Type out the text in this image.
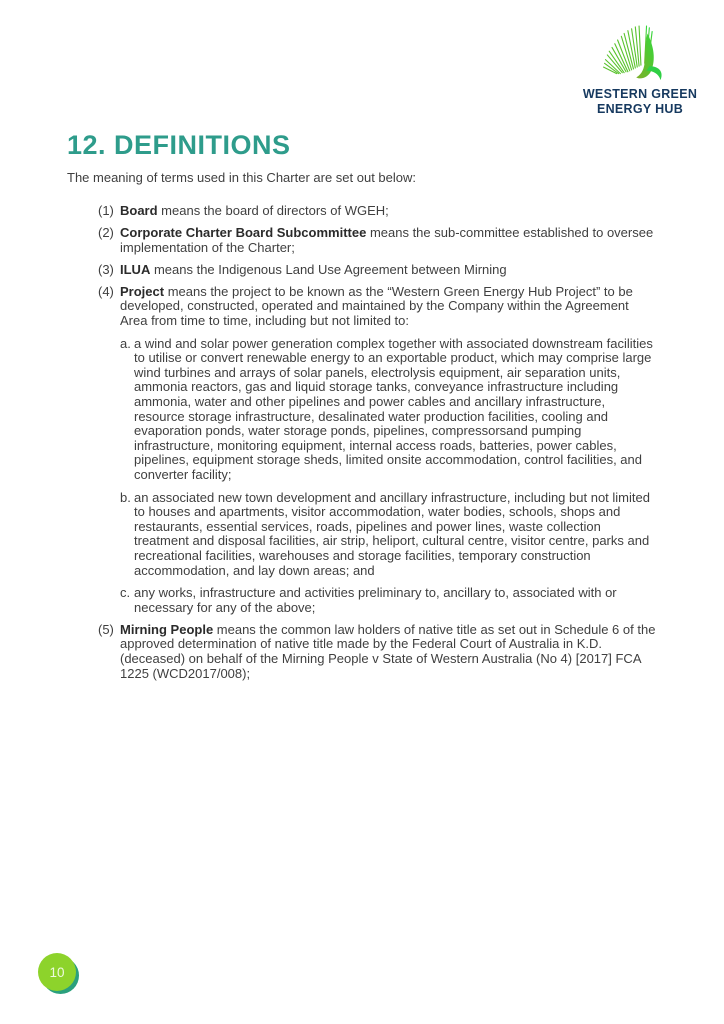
WESTERN GREEN
ENERGY HUB
12. DEFINITIONS
The meaning of terms used in this Charter are set out below:
(1) Board means the board of directors of WGEH;
(2) Corporate Charter Board Subcommittee means the sub-committee established to oversee implementation of the Charter;
(3) ILUA means the Indigenous Land Use Agreement between Mirning
(4) Project means the project to be known as the “Western Green Energy Hub Project” to be developed, constructed, operated and maintained by the Company within the Agreement Area from time to time, including but not limited to:
a. a wind and solar power generation complex together with associated downstream facilities to utilise or convert renewable energy to an exportable product, which may comprise large wind turbines and arrays of solar panels, electrolysis equipment, air separation units, ammonia reactors, gas and liquid storage tanks, conveyance infrastructure including ammonia, water and other pipelines and power cables and ancillary infrastructure, resource storage infrastructure, desalinated water production facilities, cooling and evaporation ponds, water storage ponds, pipelines, compressorsand pumping infrastructure, monitoring equipment, internal access roads, batteries, power cables, pipelines, equipment storage sheds, limited onsite accommodation, control facilities, and converter facility;
b. an associated new town development and ancillary infrastructure, including but not limited to houses and apartments, visitor accommodation, water bodies, schools, shops and restaurants, essential services, roads, pipelines and power lines, waste collection treatment and disposal facilities, air strip, heliport, cultural centre, visitor centre, parks and recreational facilities, warehouses and storage facilities, temporary construction accommodation, and lay down areas; and
c. any works, infrastructure and activities preliminary to, ancillary to, associated with or necessary for any of the above;
(5) Mirning People means the common law holders of native title as set out in Schedule 6 of the approved determination of native title made by the Federal Court of Australia in K.D. (deceased) on behalf of the Mirning People v State of Western Australia (No 4) [2017] FCA 1225 (WCD2017/008);
10
